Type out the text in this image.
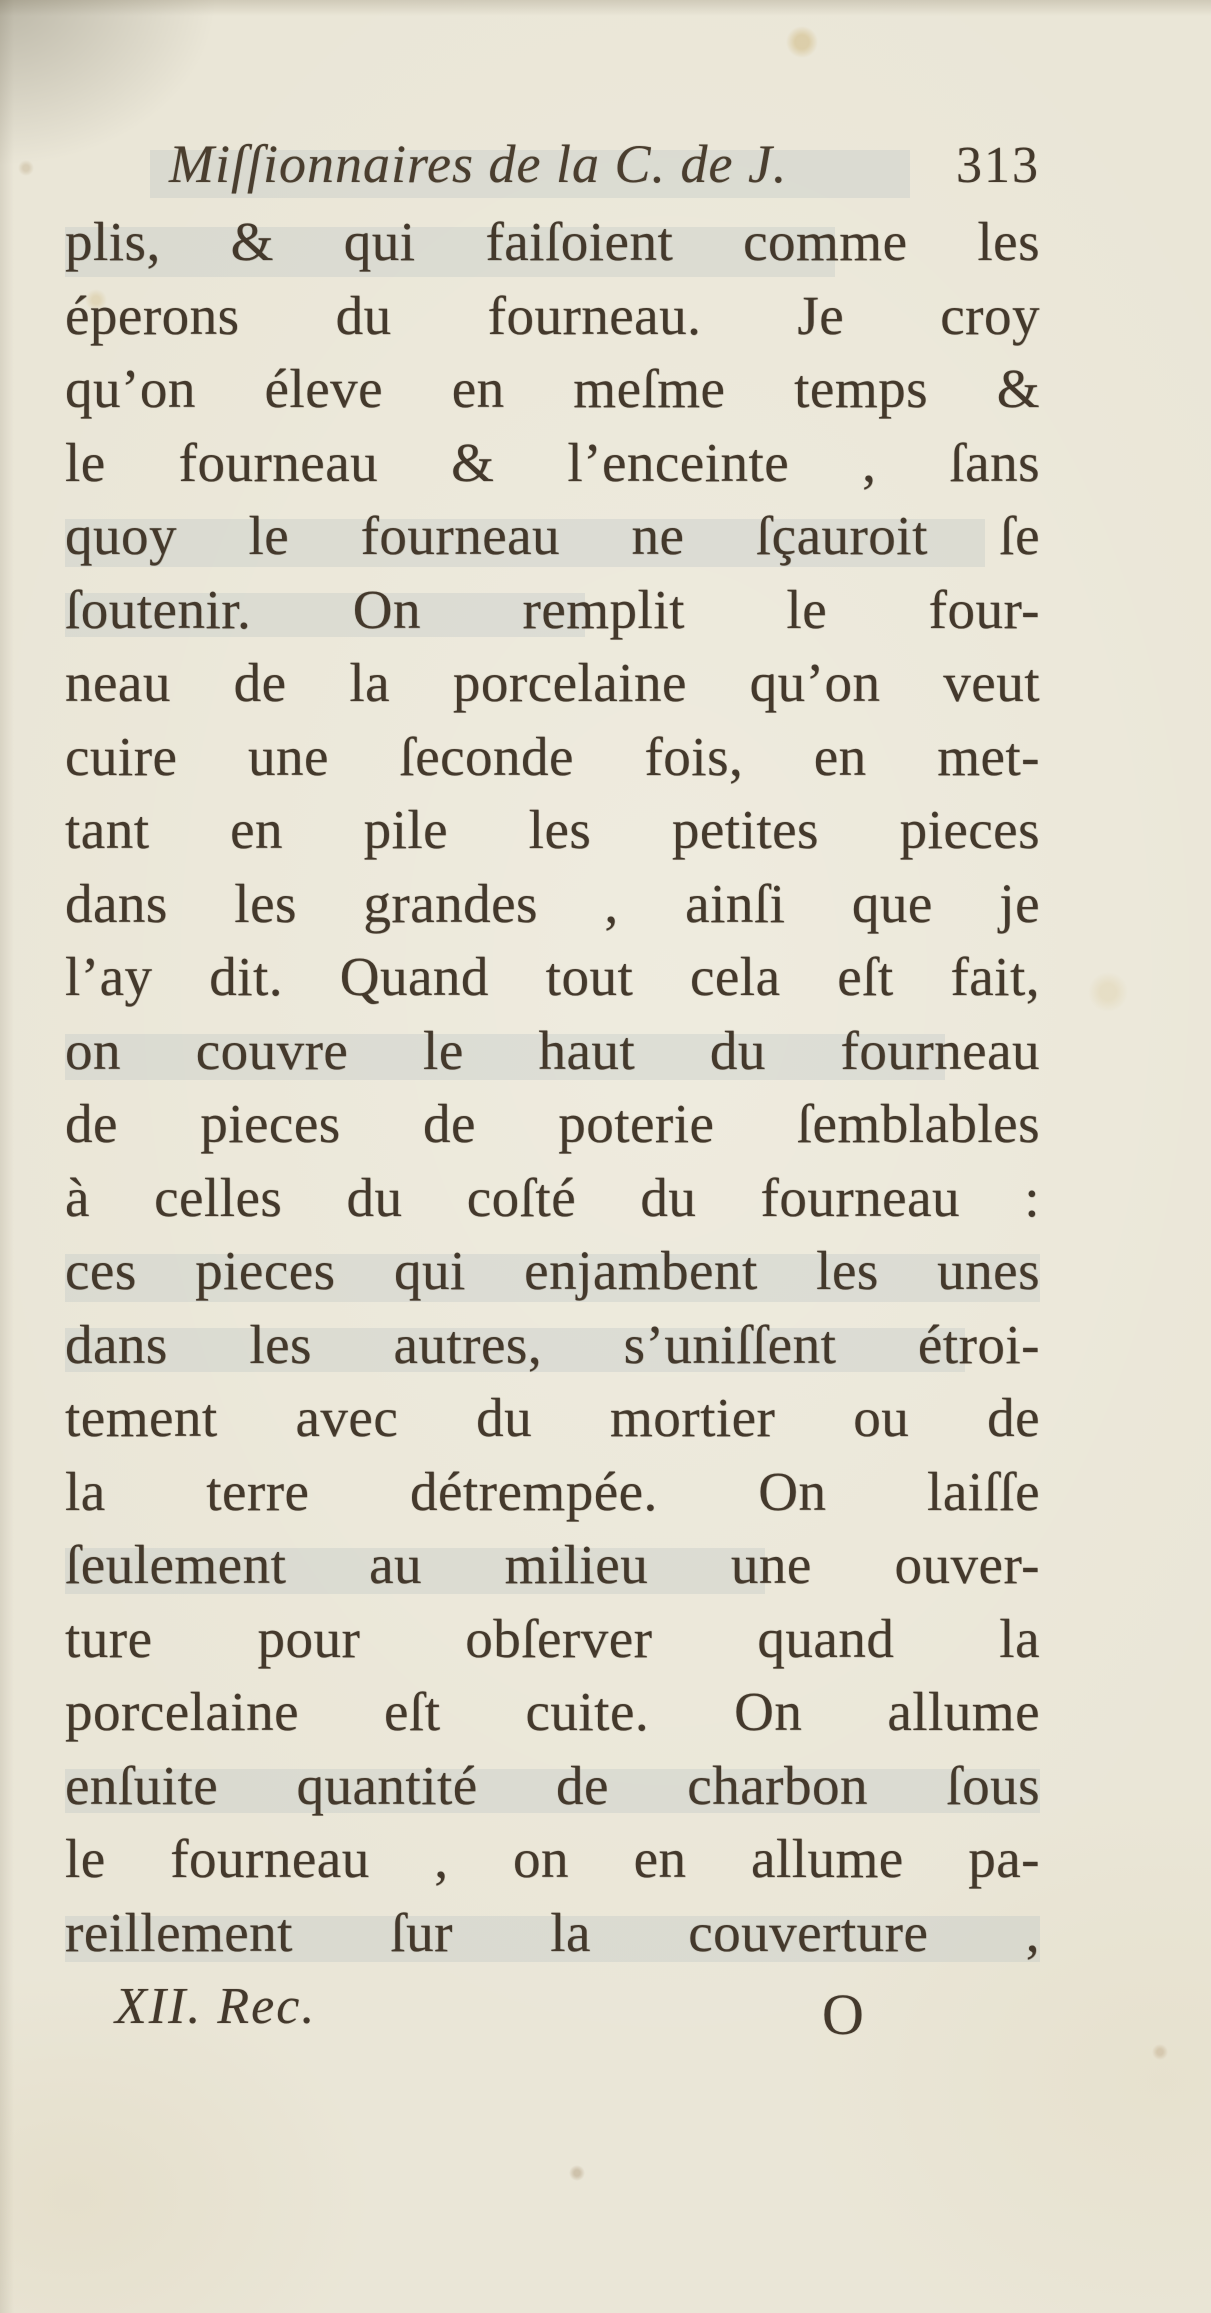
Miſſionnaires de la C. de J.	313
plis, & qui faiſoient comme les
éperons du fourneau. Je croy
qu’on éleve en meſme temps &
le fourneau & l’enceinte , ſans
quoy le fourneau ne ſçauroit ſe
ſoutenir. On remplit le four-
neau de la porcelaine qu’on veut
cuire une ſeconde fois, en met-
tant en pile les petites pieces
dans les grandes , ainſi que je
l’ay dit. Quand tout cela eſt fait,
on couvre le haut du fourneau
de pieces de poterie ſemblables
à celles du coſté du fourneau :
ces pieces qui enjambent les unes
dans les autres, s’uniſſent étroi-
tement avec du mortier ou de
la terre détrempée. On laiſſe
ſeulement au milieu une ouver-
ture pour obſerver quand la
porcelaine eſt cuite. On allume
enſuite quantité de charbon ſous
le fourneau , on en allume pa-
reillement ſur la couverture ,
XII. Rec.	O
